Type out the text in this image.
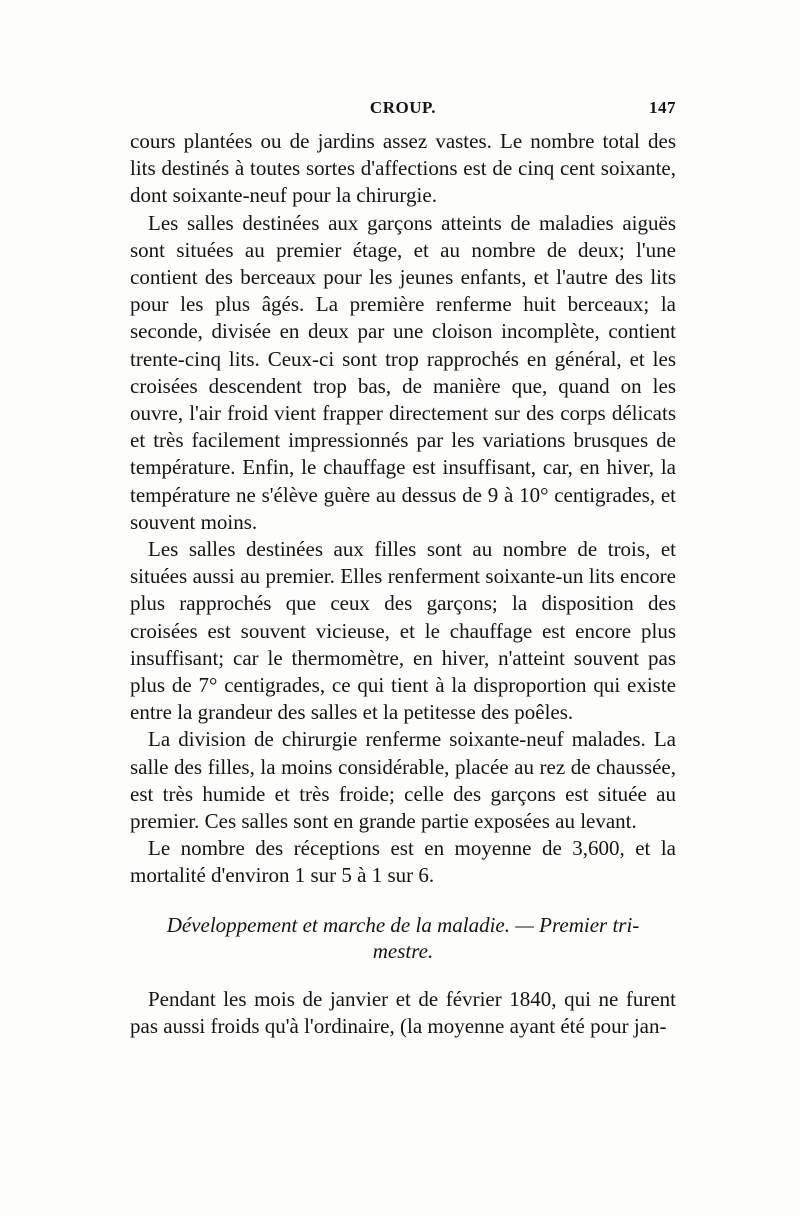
CROUP.	147

cours plantées ou de jardins assez vastes. Le nombre total des lits destinés à toutes sortes d'affections est de cinq cent soixante, dont soixante-neuf pour la chirurgie.

Les salles destinées aux garçons atteints de maladies aiguës sont situées au premier étage, et au nombre de deux; l'une contient des berceaux pour les jeunes enfants, et l'autre des lits pour les plus âgés. La première renferme huit berceaux; la seconde, divisée en deux par une cloison incomplète, contient trente-cinq lits. Ceux-ci sont trop rapprochés en général, et les croisées descendent trop bas, de manière que, quand on les ouvre, l'air froid vient frapper directement sur des corps délicats et très facilement impressionnés par les variations brusques de température. Enfin, le chauffage est insuffisant, car, en hiver, la température ne s'élève guère au dessus de 9 à 10° centigrades, et souvent moins.

Les salles destinées aux filles sont au nombre de trois, et situées aussi au premier. Elles renferment soixante-un lits encore plus rapprochés que ceux des garçons; la disposition des croisées est souvent vicieuse, et le chauffage est encore plus insuffisant; car le thermomètre, en hiver, n'atteint souvent pas plus de 7° centigrades, ce qui tient à la disproportion qui existe entre la grandeur des salles et la petitesse des poêles.

La division de chirurgie renferme soixante-neuf malades. La salle des filles, la moins considérable, placée au rez de chaussée, est très humide et très froide; celle des garçons est située au premier. Ces salles sont en grande partie exposées au levant.

Le nombre des réceptions est en moyenne de 3,600, et la mortalité d'environ 1 sur 5 à 1 sur 6.

Développement et marche de la maladie. — Premier tri-
mestre.

Pendant les mois de janvier et de février 1840, qui ne furent pas aussi froids qu'à l'ordinaire, (la moyenne ayant été pour jan-
